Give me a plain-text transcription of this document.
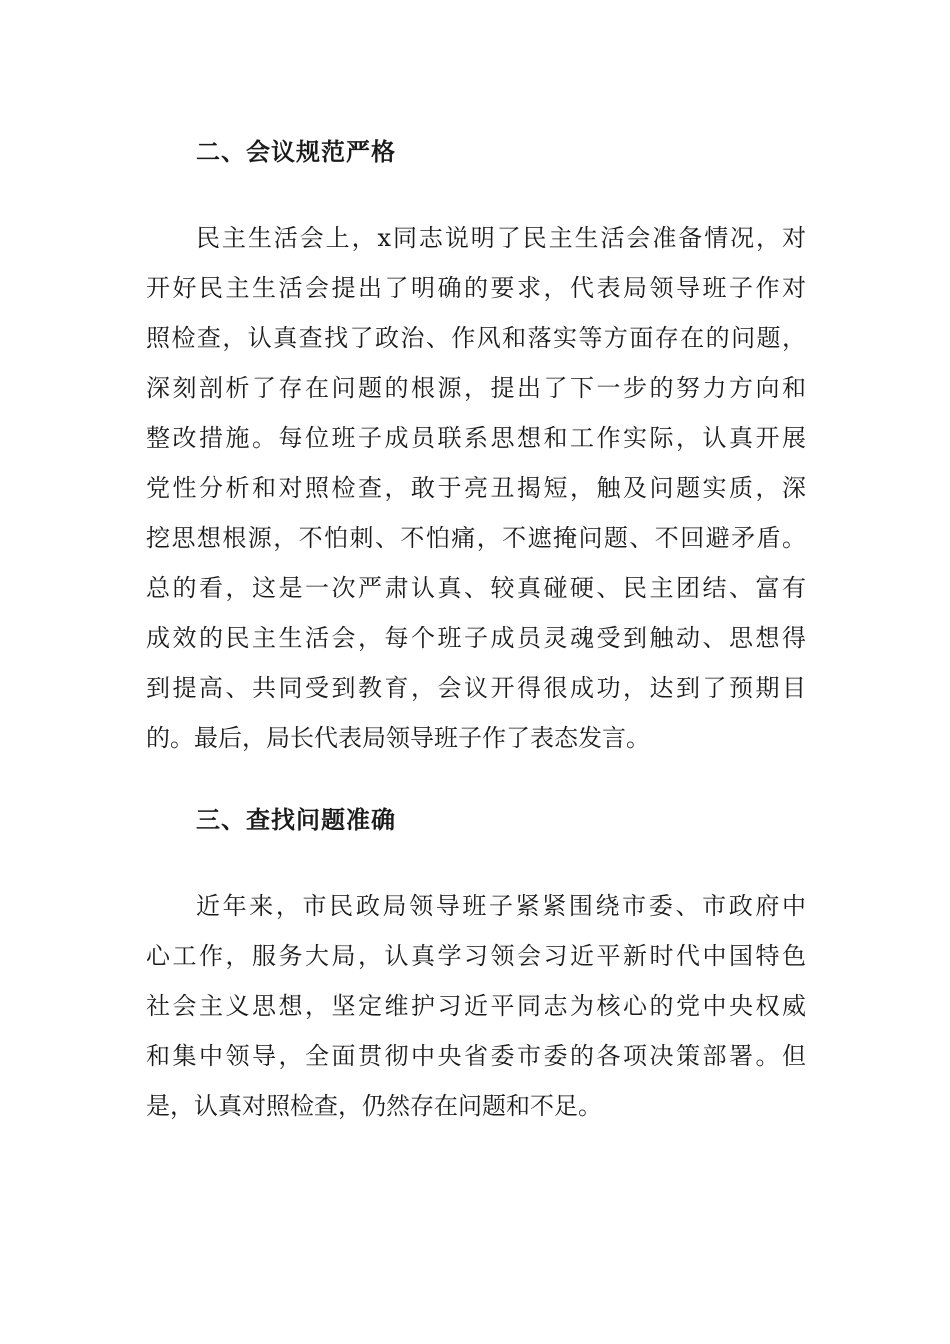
二、会议规范严格
民主生活会上，x同志说明了民主生活会准备情况，对
开好民主生活会提出了明确的要求，代表局领导班子作对
照检查，认真查找了政治、作风和落实等方面存在的问题，
深刻剖析了存在问题的根源，提出了下一步的努力方向和
整改措施。每位班子成员联系思想和工作实际，认真开展
党性分析和对照检查，敢于亮丑揭短，触及问题实质，深
挖思想根源，不怕刺、不怕痛，不遮掩问题、不回避矛盾。
总的看，这是一次严肃认真、较真碰硬、民主团结、富有
成效的民主生活会，每个班子成员灵魂受到触动、思想得
到提高、共同受到教育，会议开得很成功，达到了预期目
的。最后，局长代表局领导班子作了表态发言。
三、查找问题准确
近年来，市民政局领导班子紧紧围绕市委、市政府中
心工作，服务大局，认真学习领会习近平新时代中国特色
社会主义思想，坚定维护习近平同志为核心的党中央权威
和集中领导，全面贯彻中央省委市委的各项决策部署。但
是，认真对照检查，仍然存在问题和不足。
